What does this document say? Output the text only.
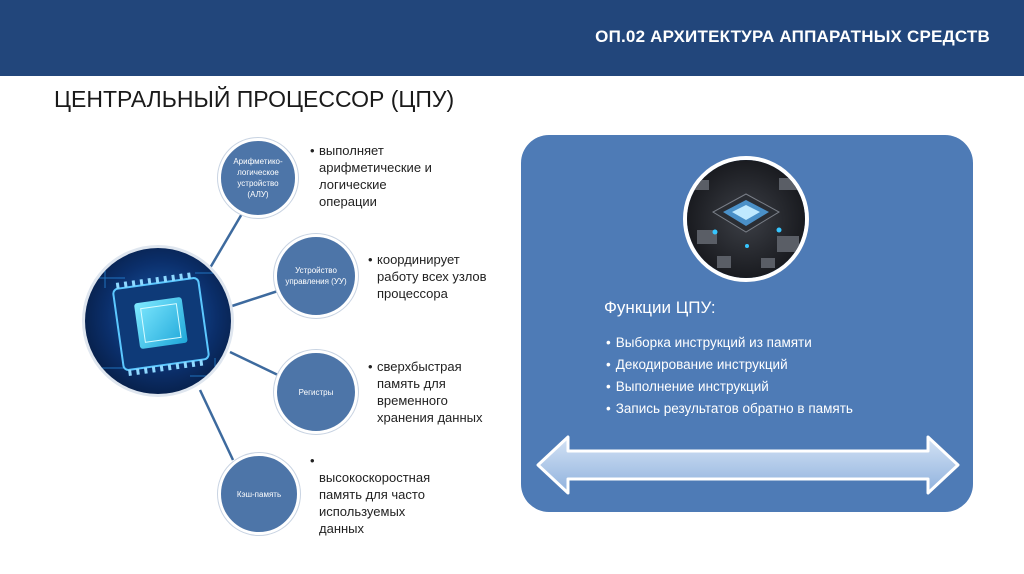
ОП.02 АРХИТЕКТУРА АППАРАТНЫХ СРЕДСТВ
ЦЕНТРАЛЬНЫЙ ПРОЦЕССОР (ЦПУ)
Арифметико-логическое устройство (АЛУ)
• выполняет
арифметические и
логические
операции
Устройство управления (УУ)
• координирует
работу всех узлов
процессора
Регистры
• сверхбыстрая
память для
временного
хранения данных
Кэш-память
•
высокоскоростная
память для часто
используемых
данных
Функции ЦПУ:
• Выборка инструкций из памяти
• Декодирование инструкций
• Выполнение инструкций
• Запись результатов обратно в память
